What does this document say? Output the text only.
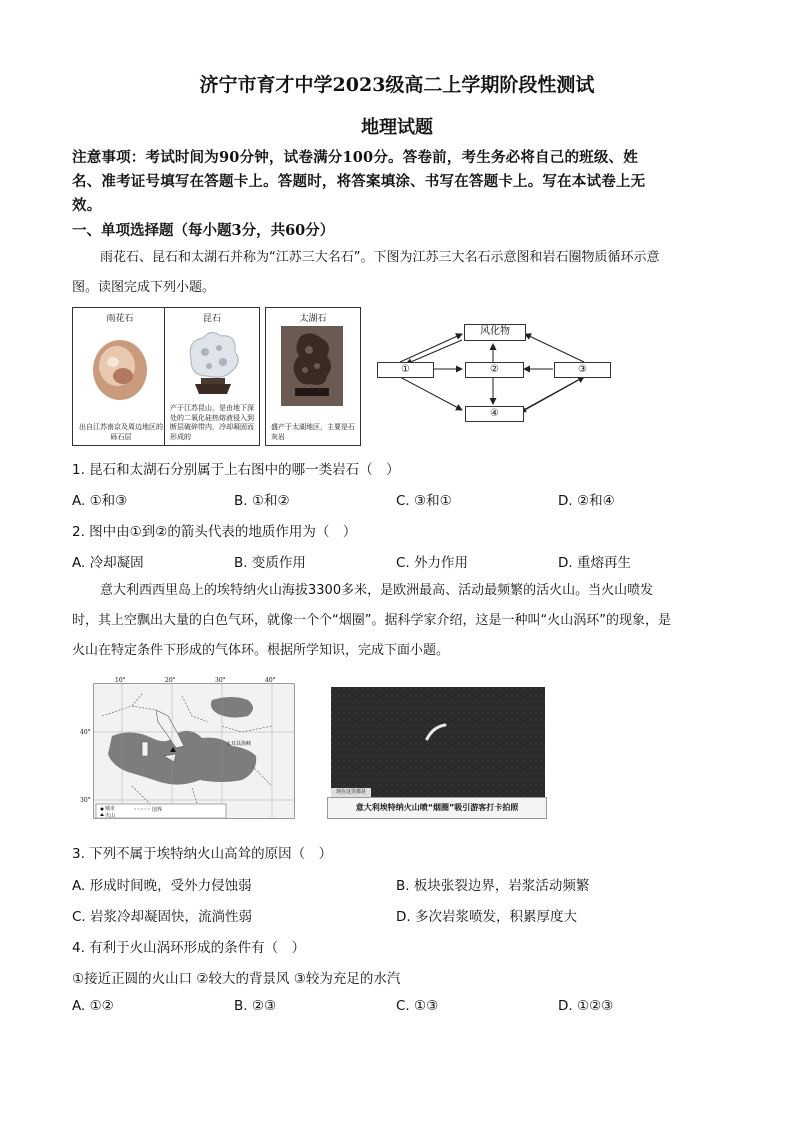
济宁市育才中学2023级高二上学期阶段性测试
地理试题
注意事项：考试时间为90分钟，试卷满分100分。答卷前，考生务必将自己的班级、姓
名、准考证号填写在答题卡上。答题时，将答案填涂、书写在答题卡上。写在本试卷上无
效。
一、单项选择题（每小题3分，共60分）
雨花石、昆石和太湖石并称为“江苏三大名石”。下图为江苏三大名石示意图和岩石圈物质循环示意
图。读图完成下列小题。
雨花石
出自江苏南京及周边地区的砾石层
昆石
产于江苏昆山，是由地下深处的二氧化硅热熔液侵入到断层破碎带内，冷却凝固而形成的
太湖石
盛产于太湖地区，主要是石灰岩
风化物
①	②	③
④
1. 昆石和太湖石分别属于上右图中的哪一类岩石（　）
A. ①和③	B. ①和②	C. ③和①	D. ②和④
2. 图中由①到②的箭头代表的地质作用为（　）
A. 冷却凝固	B. 变质作用	C. 外力作用	D. 重熔再生
意大利西西里岛上的埃特纳火山海拔3300多米，是欧洲最高、活动最频繁的活火山。当火山喷发
时，其上空飘出大量的白色气环，就像一个个“烟圈”。据科学家介绍，这是一种叫“火山涡环”的现象，是
火山在特定条件下形成的气体环。根据所学知识，完成下面小题。
10°	20°	30°	40°
40°
30°
土耳其海峡
城市
火山
国界
现在这里都是
意大利埃特纳火山喷“烟圈”吸引游客打卡拍照
3. 下列不属于埃特纳火山高耸的原因（　）
A. 形成时间晚，受外力侵蚀弱	B. 板块张裂边界，岩浆活动频繁
C. 岩浆冷却凝固快，流淌性弱	D. 多次岩浆喷发，积累厚度大
4. 有利于火山涡环形成的条件有（　）
①接近正圆的火山口 ②较大的背景风 ③较为充足的水汽
A. ①②	B. ②③	C. ①③	D. ①②③
